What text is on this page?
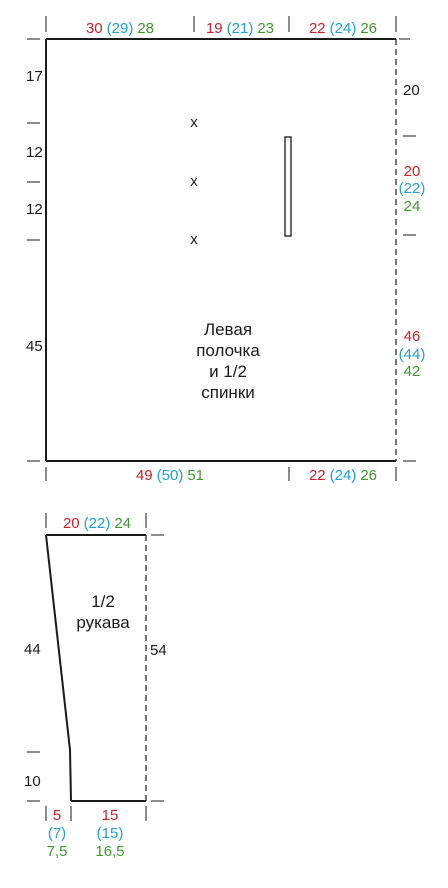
30 (29) 28	19 (21) 23 22 (24) 26
17
12
12
45
20
20
(22)
24
46
(44)
42
49 (50) 51	22 (24) 26
x
x
x
Левая
полочка
и 1/2
спинки
20 (22) 24
44
10
54
5
(7)
7,5
15
(15)
16,5
1/2
рукава
